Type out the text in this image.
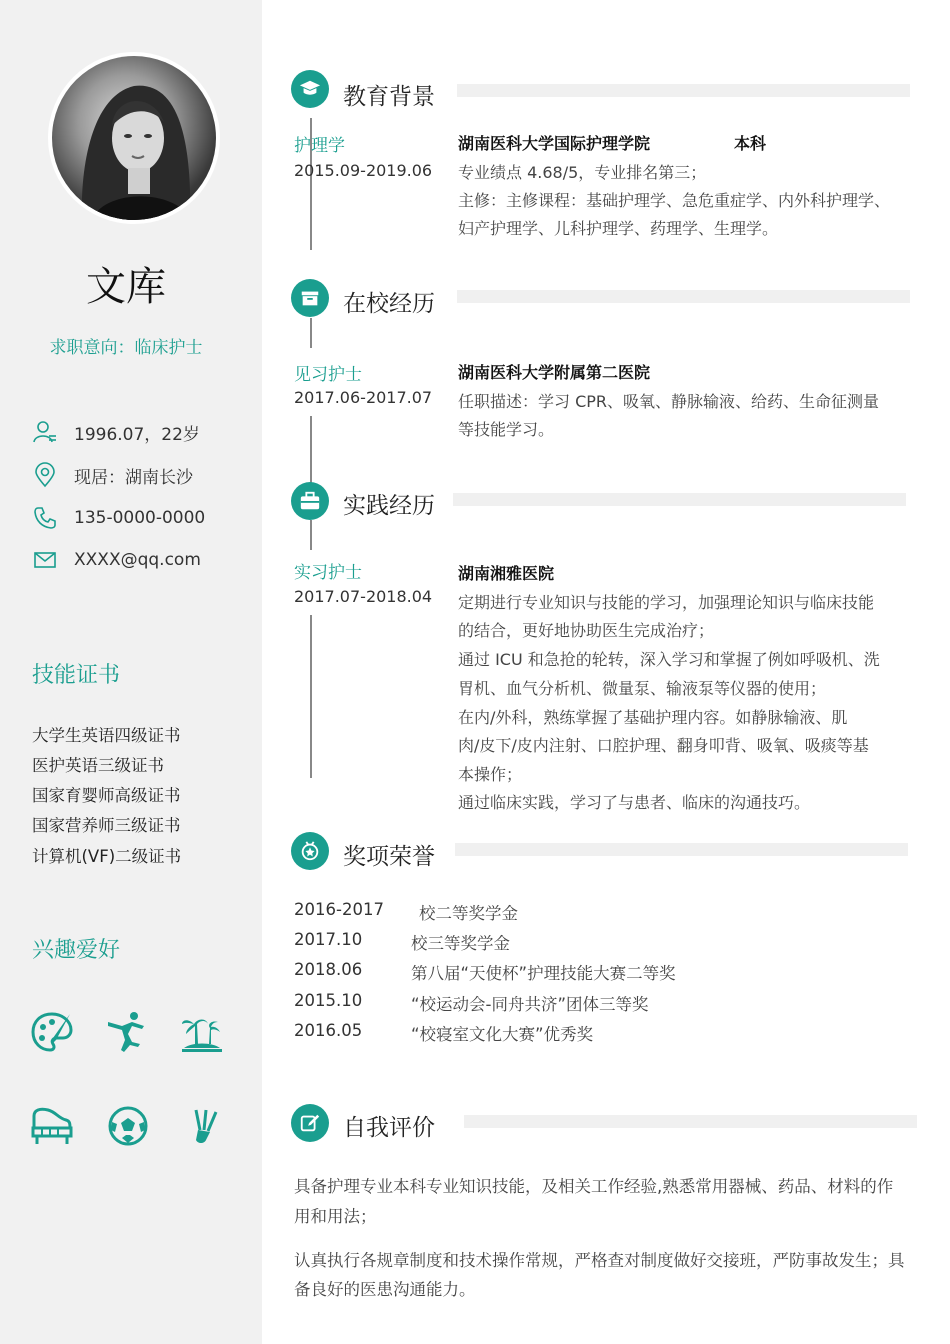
文库
求职意向：临床护士
1996.07，22岁
现居：湖南长沙
135-0000-0000
XXXX@qq.com
技能证书
大学生英语四级证书
医护英语三级证书
国家育婴师高级证书
国家营养师三级证书
计算机(VF)二级证书
兴趣爱好
教育背景
护理学
2015.09-2019.06
湖南医科大学国际护理学院	本科
专业绩点 4.68/5，专业排名第三；
主修：主修课程：基础护理学、急危重症学、内外科护理学、
妇产护理学、儿科护理学、药理学、生理学。
在校经历
见习护士
2017.06-2017.07
湖南医科大学附属第二医院
任职描述：学习 CPR、吸氧、静脉输液、给药、生命征测量
等技能学习。
实践经历
实习护士
2017.07-2018.04
湖南湘雅医院
定期进行专业知识与技能的学习，加强理论知识与临床技能
的结合，更好地协助医生完成治疗；
通过 ICU 和急抢的轮转，深入学习和掌握了例如呼吸机、洗
胃机、血气分析机、微量泵、输液泵等仪器的使用；
在内/外科，熟练掌握了基础护理内容。如静脉输液、肌
肉/皮下/皮内注射、口腔护理、翻身叩背、吸氧、吸痰等基
本操作；
通过临床实践，学习了与患者、临床的沟通技巧。
奖项荣誉
2016-2017 校二等奖学金
2017.10	校三等奖学金
2018.06	第八届“天使杯”护理技能大赛二等奖
2015.10	“校运动会-同舟共济”团体三等奖
2016.05	“校寝室文化大赛”优秀奖
自我评价
具备护理专业本科专业知识技能，及相关工作经验,熟悉常用器械、药品、材料的作
用和用法；
认真执行各规章制度和技术操作常规，严格查对制度做好交接班，严防事故发生；具
备良好的医患沟通能力。
